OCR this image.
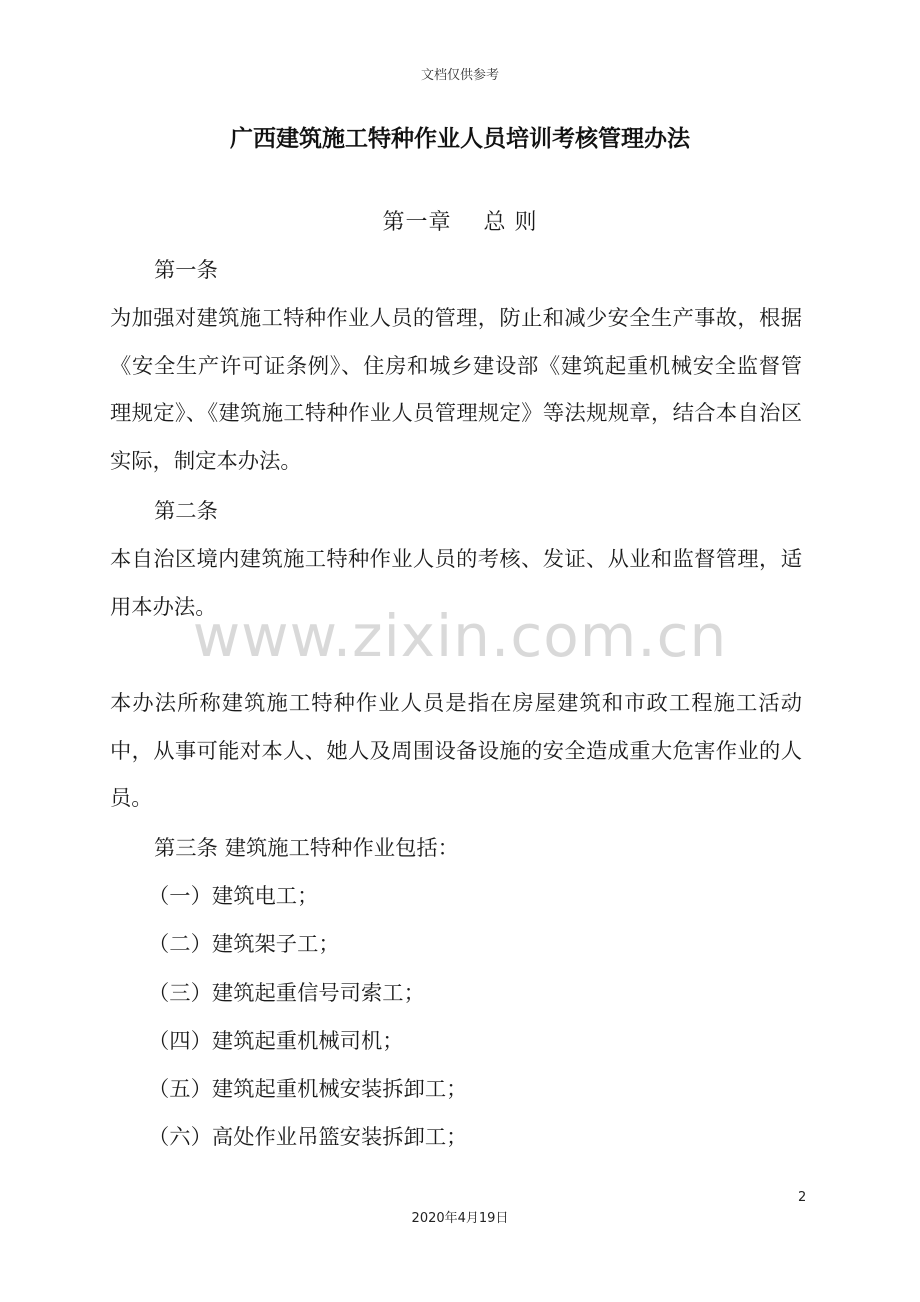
文档仅供参考
广西建筑施工特种作业人员培训考核管理办法
第一章 总 则
第一条
为加强对建筑施工特种作业人员的管理，防止和减少安全生产事故，根据《安全生产许可证条例》、住房和城乡建设部《建筑起重机械安全监督管理规定》、《建筑施工特种作业人员管理规定》等法规规章，结合本自治区实际，制定本办法。
第二条
本自治区境内建筑施工特种作业人员的考核、发证、从业和监督管理，适用本办法。
本办法所称建筑施工特种作业人员是指在房屋建筑和市政工程施工活动中，从事可能对本人、她人及周围设备设施的安全造成重大危害作业的人员。
第三条 建筑施工特种作业包括：
（一）建筑电工；
（二）建筑架子工；
（三）建筑起重信号司索工；
（四）建筑起重机械司机；
（五）建筑起重机械安装拆卸工；
（六）高处作业吊篮安装拆卸工；
www.zixin.com.cn
2
2020年4月19日
